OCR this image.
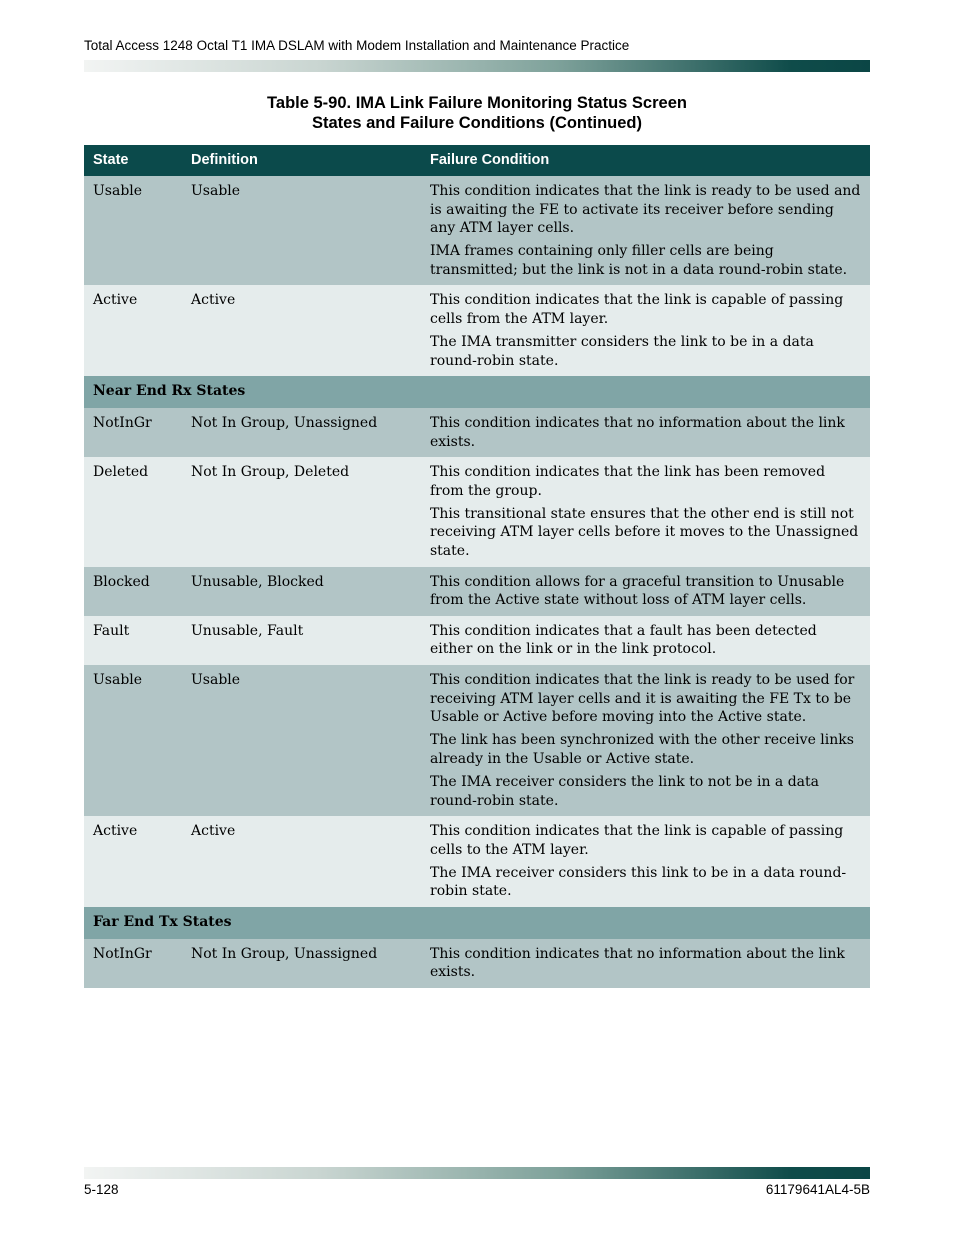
Total Access 1248 Octal T1 IMA DSLAM with Modem Installation and Maintenance Practice
Table 5-90. IMA Link Failure Monitoring Status Screen
States and Failure Conditions (Continued)
State	Definition	Failure Condition
Usable	Usable	This condition indicates that the link is ready to be used and is awaiting the FE to activate its receiver before sending any ATM layer cells.

IMA frames containing only filler cells are being transmitted; but the link is not in a data round-robin state.

Active	Active	This condition indicates that the link is capable of passing cells from the ATM layer.

The IMA transmitter considers the link to be in a data round-robin state.

Near End Rx States		
NotInGr	Not In Group, Unassigned	This condition indicates that no information about the link exists.

Deleted	Not In Group, Deleted	This condition indicates that the link has been removed from the group.

This transitional state ensures that the other end is still not receiving ATM layer cells before it moves to the Unassigned state.

Blocked	Unusable, Blocked	This condition allows for a graceful transition to Unusable from the Active state without loss of ATM layer cells.

Fault	Unusable, Fault	This condition indicates that a fault has been detected either on the link or in the link protocol.

Usable	Usable	This condition indicates that the link is ready to be used for receiving ATM layer cells and it is awaiting the FE Tx to be Usable or Active before moving into the Active state.

The link has been synchronized with the other receive links already in the Usable or Active state.

The IMA receiver considers the link to not be in a data round-robin state.

Active	Active	This condition indicates that the link is capable of passing cells to the ATM layer.

The IMA receiver considers this link to be in a data round-robin state.

Far End Tx States		
NotInGr	Not In Group, Unassigned	This condition indicates that no information about the link exists.

5-128	61179641AL4-5B
